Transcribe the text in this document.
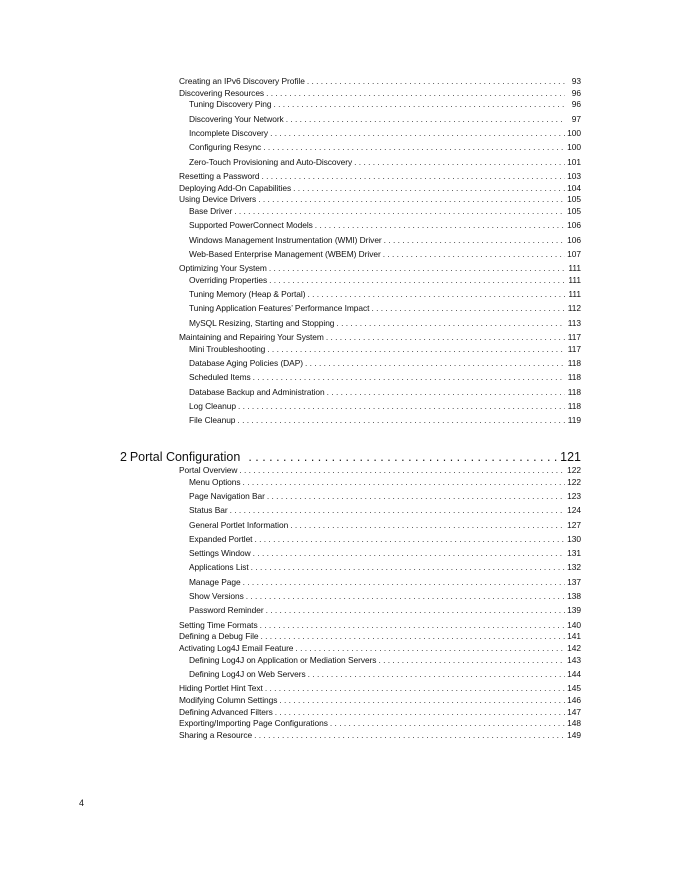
Creating an IPv6 Discovery Profile . . .	93
Discovering Resources . . .	96
Tuning Discovery Ping . . .	96
Discovering Your Network . . .	97
Incomplete Discovery . . .	100
Configuring Resync . . .	100
Zero-Touch Provisioning and Auto-Discovery . . .	101
Resetting a Password . . .	103
Deploying Add-On Capabilities . . .	104
Using Device Drivers . . .	105
Base Driver . . .	105
Supported PowerConnect Models . . .	106
Windows Management Instrumentation (WMI) Driver . . .	106
Web-Based Enterprise Management (WBEM) Driver . . .	107
Optimizing Your System . . .	111
Overriding Properties . . .	111
Tuning Memory (Heap & Portal) . . .	111
Tuning Application Features’ Performance Impact . . .	112
MySQL Resizing, Starting and Stopping . . .	113
Maintaining and Repairing Your System . . .	117
Mini Troubleshooting . . .	117
Database Aging Policies (DAP) . . .	118
Scheduled Items . . .	118
Database Backup and Administration . . .	118
Log Cleanup . . .	118
File Cleanup . . .	119
2 Portal Configuration . . .	121
Portal Overview . . .	122
Menu Options . . .	122
Page Navigation Bar . . .	123
Status Bar . . .	124
General Portlet Information . . .	127
Expanded Portlet . . .	130
Settings Window . . .	131
Applications List . . .	132
Manage Page . . .	137
Show Versions . . .	138
Password Reminder . . .	139
Setting Time Formats . . .	140
Defining a Debug File . . .	141
Activating Log4J Email Feature . . .	142
Defining Log4J on Application or Mediation Servers . . .	143
Defining Log4J on Web Servers . . .	144
Hiding Portlet Hint Text . . .	145
Modifying Column Settings . . .	146
Defining Advanced Filters . . .	147
Exporting/Importing Page Configurations . . .	148
Sharing a Resource . . .	149
4
